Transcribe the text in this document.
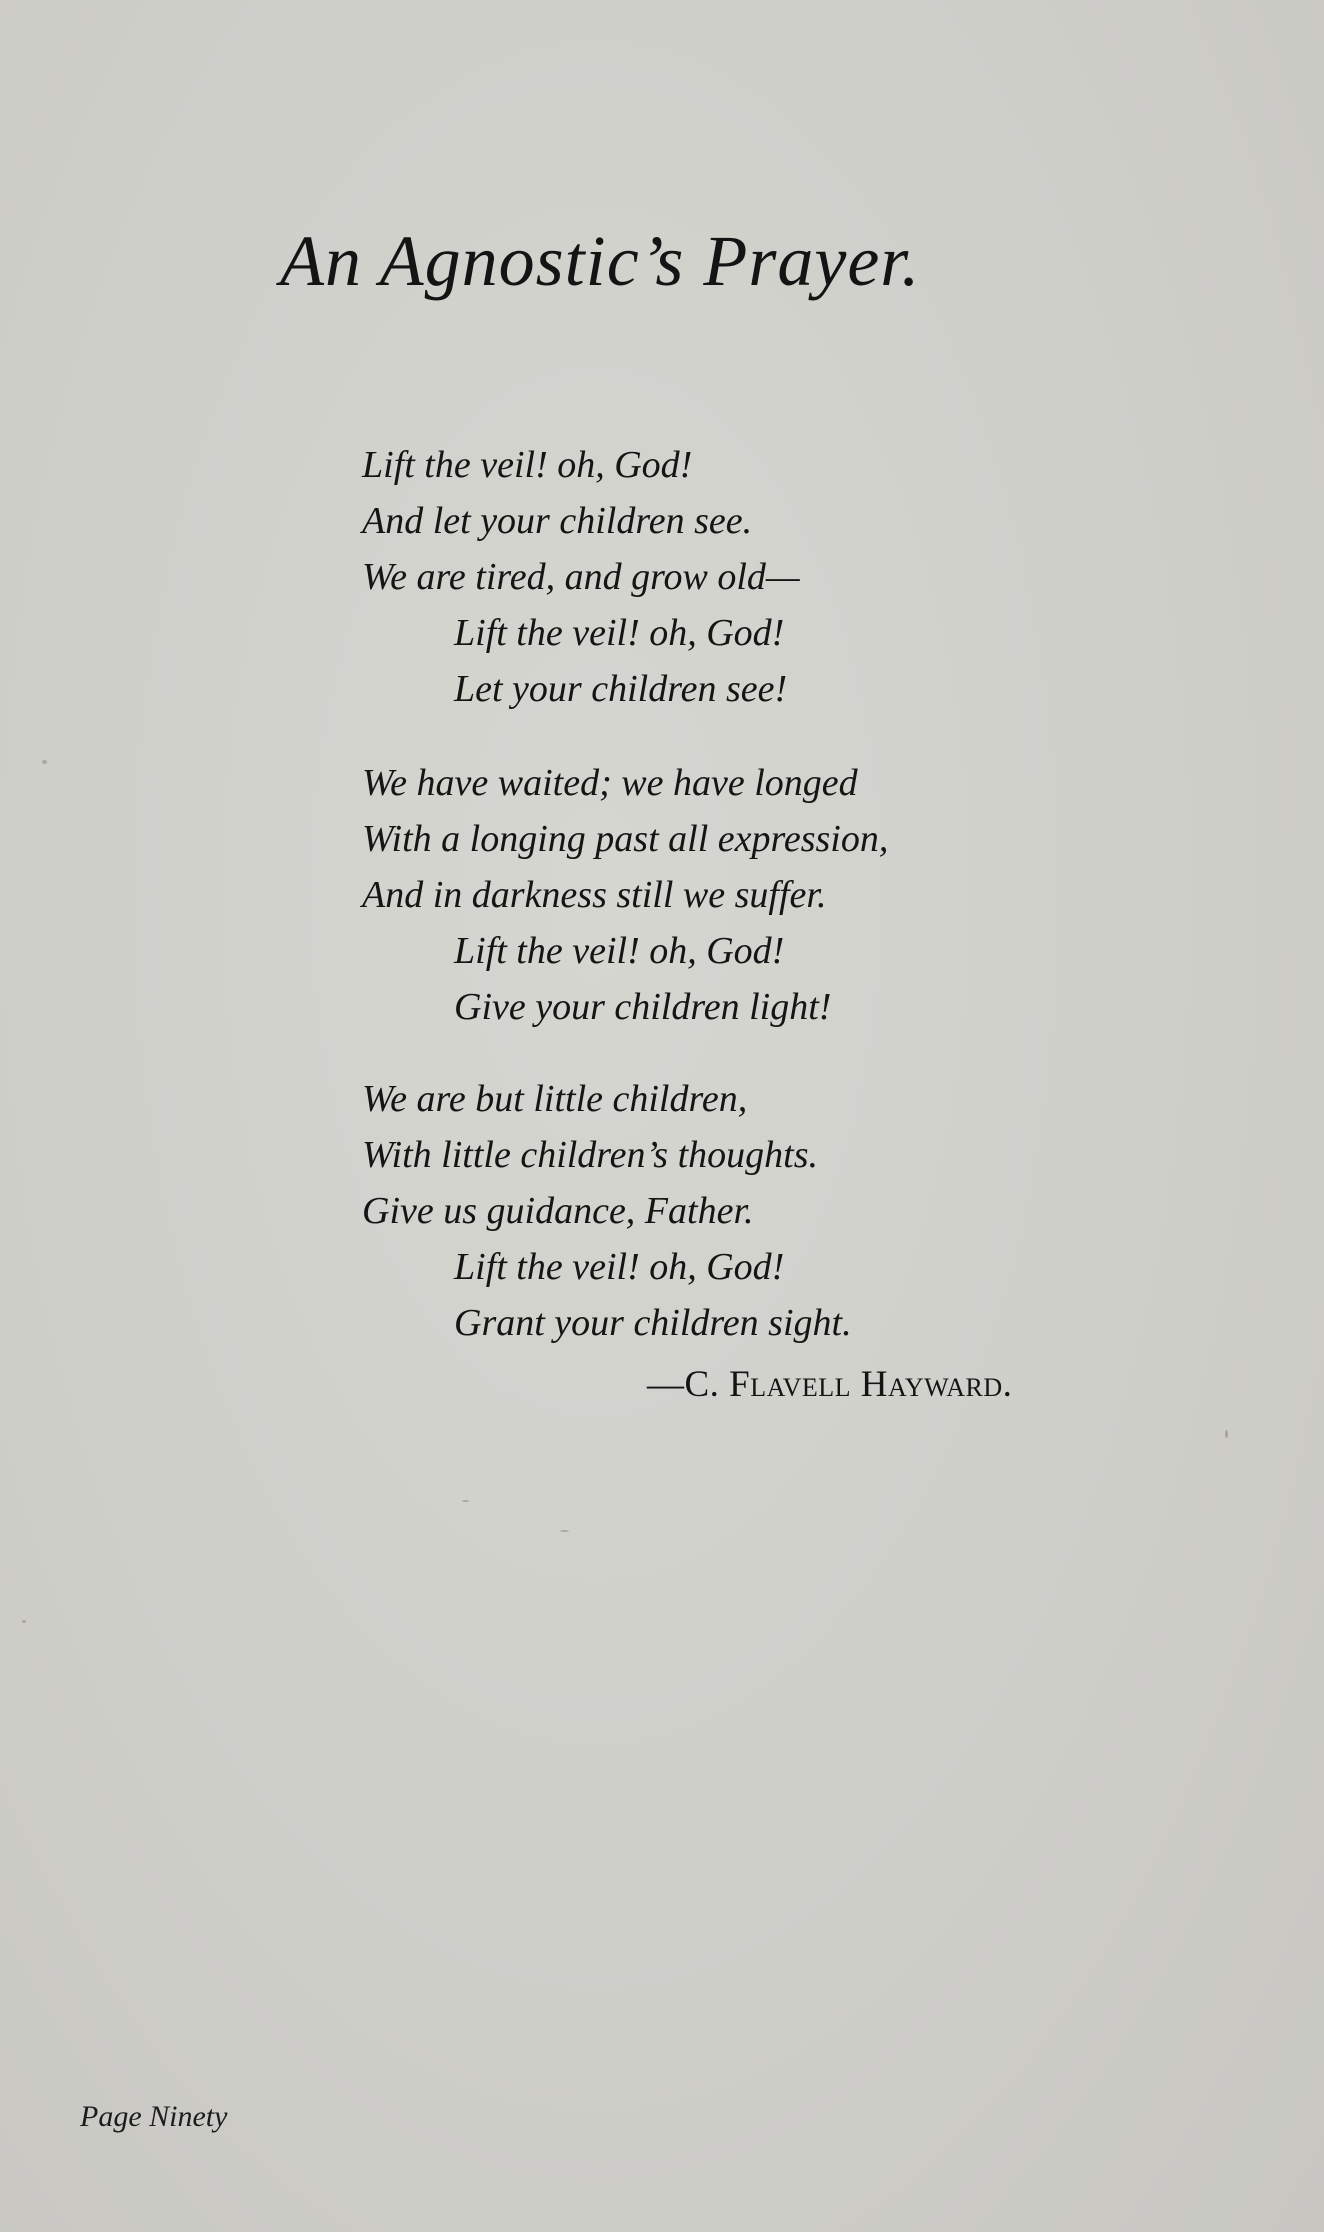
An Agnostic’s Prayer.
Lift the veil! oh, God!
And let your children see.
We are tired, and grow old—
Lift the veil! oh, God!
Let your children see!
We have waited; we have longed
With a longing past all expression,
And in darkness still we suffer.
Lift the veil! oh, God!
Give your children light!
We are but little children,
With little children’s thoughts.
Give us guidance, Father.
Lift the veil! oh, God!
Grant your children sight.
—C. Flavell Hayward.
Page Ninety
